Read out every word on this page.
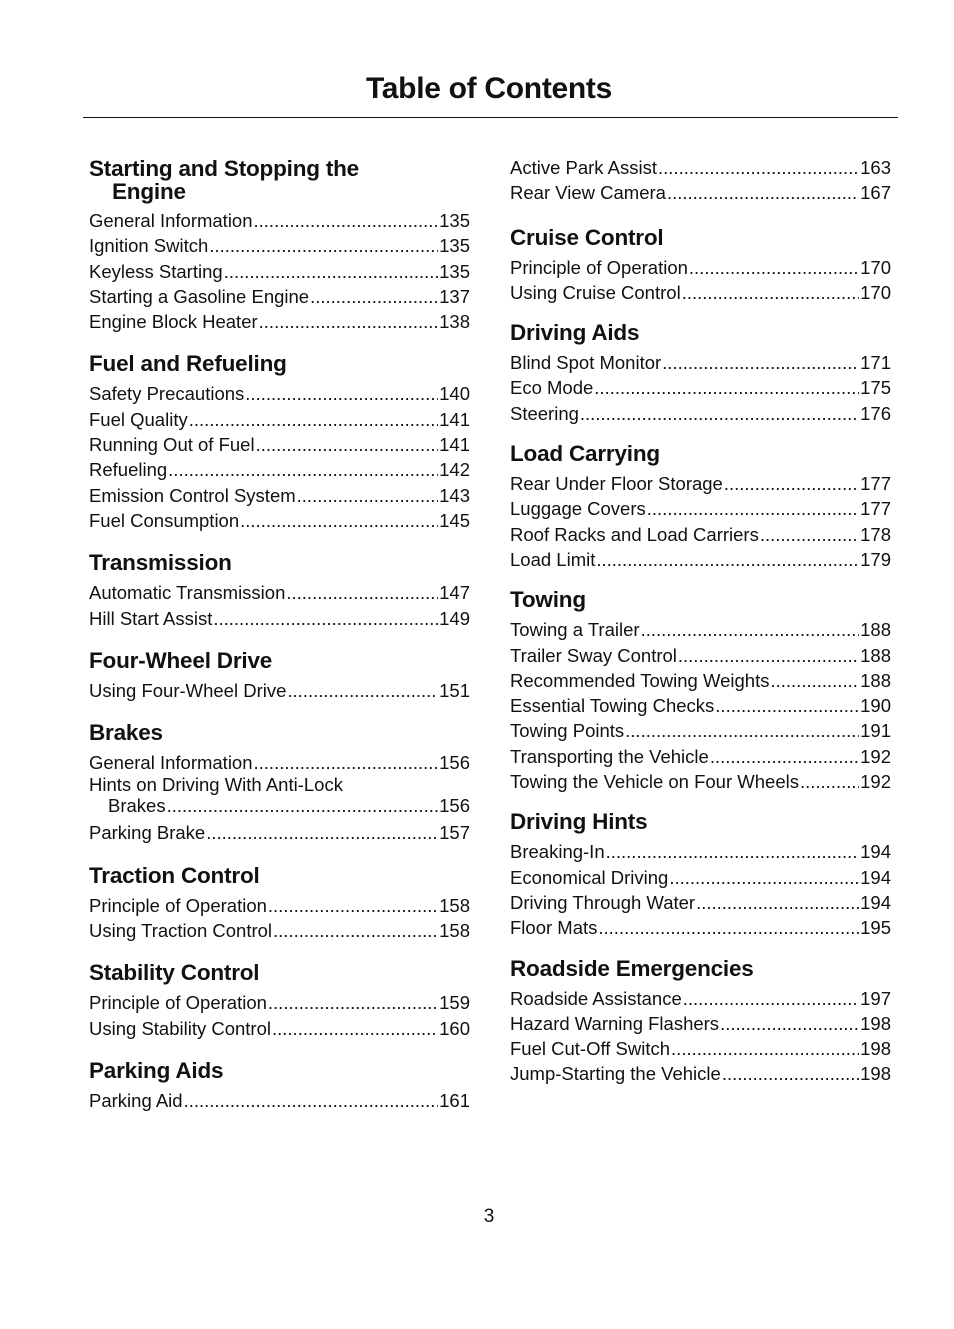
Table of Contents
Starting and Stopping the
Engine
General Information .....	135
Ignition Switch .....	135
Keyless Starting .....	135
Starting a Gasoline Engine .....	137
Engine Block Heater .....	138
Fuel and Refueling
Safety Precautions .....	140
Fuel Quality .....	141
Running Out of Fuel .....	141
Refueling .....	142
Emission Control System .....	143
Fuel Consumption .....	145
Transmission
Automatic Transmission .....	147
Hill Start Assist .....	149
Four-Wheel Drive
Using Four-Wheel Drive .....	151
Brakes
General Information .....	156
Hints on Driving With Anti-Lock
Brakes .....	156
Parking Brake .....	157
Traction Control
Principle of Operation .....	158
Using Traction Control .....	158
Stability Control
Principle of Operation .....	159
Using Stability Control .....	160
Parking Aids
Parking Aid .....	161
Active Park Assist .....	163
Rear View Camera .....	167
Cruise Control
Principle of Operation .....	170
Using Cruise Control .....	170
Driving Aids
Blind Spot Monitor .....	171
Eco Mode .....	175
Steering .....	176
Load Carrying
Rear Under Floor Storage .....	177
Luggage Covers .....	177
Roof Racks and Load Carriers .....	178
Load Limit .....	179
Towing
Towing a Trailer .....	188
Trailer Sway Control .....	188
Recommended Towing Weights .....	188
Essential Towing Checks .....	190
Towing Points .....	191
Transporting the Vehicle .....	192
Towing the Vehicle on Four Wheels .....	192
Driving Hints
Breaking-In .....	194
Economical Driving .....	194
Driving Through Water .....	194
Floor Mats .....	195
Roadside Emergencies
Roadside Assistance .....	197
Hazard Warning Flashers .....	198
Fuel Cut-Off Switch .....	198
Jump-Starting the Vehicle .....	198
3
